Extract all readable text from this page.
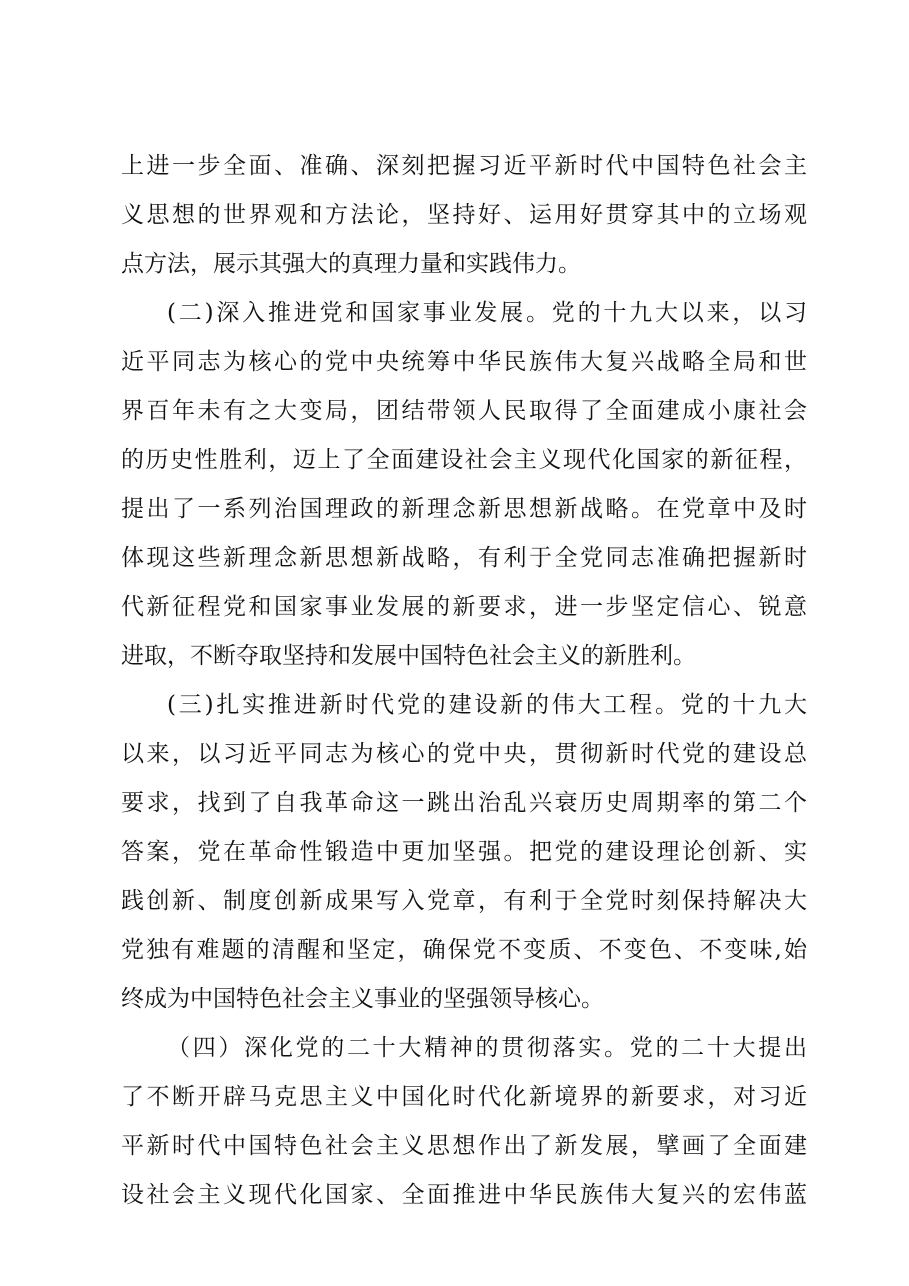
上进一步全面、准确、深刻把握习近平新时代中国特色社会主
义思想的世界观和方法论，坚持好、运用好贯穿其中的立场观
点方法，展示其强大的真理力量和实践伟力。
(二)深入推进党和国家事业发展。党的十九大以来，以习
近平同志为核心的党中央统筹中华民族伟大复兴战略全局和世
界百年未有之大变局，团结带领人民取得了全面建成小康社会
的历史性胜利，迈上了全面建设社会主义现代化国家的新征程，
提出了一系列治国理政的新理念新思想新战略。在党章中及时
体现这些新理念新思想新战略，有利于全党同志准确把握新时
代新征程党和国家事业发展的新要求，进一步坚定信心、锐意
进取，不断夺取坚持和发展中国特色社会主义的新胜利。
(三)扎实推进新时代党的建设新的伟大工程。党的十九大
以来，以习近平同志为核心的党中央，贯彻新时代党的建设总
要求，找到了自我革命这一跳出治乱兴衰历史周期率的第二个
答案，党在革命性锻造中更加坚强。把党的建设理论创新、实
践创新、制度创新成果写入党章，有利于全党时刻保持解决大
党独有难题的清醒和坚定，确保党不变质、不变色、不变味,始
终成为中国特色社会主义事业的坚强领导核心。
（四）深化党的二十大精神的贯彻落实。党的二十大提出
了不断开辟马克思主义中国化时代化新境界的新要求，对习近
平新时代中国特色社会主义思想作出了新发展，擘画了全面建
设社会主义现代化国家、全面推进中华民族伟大复兴的宏伟蓝
